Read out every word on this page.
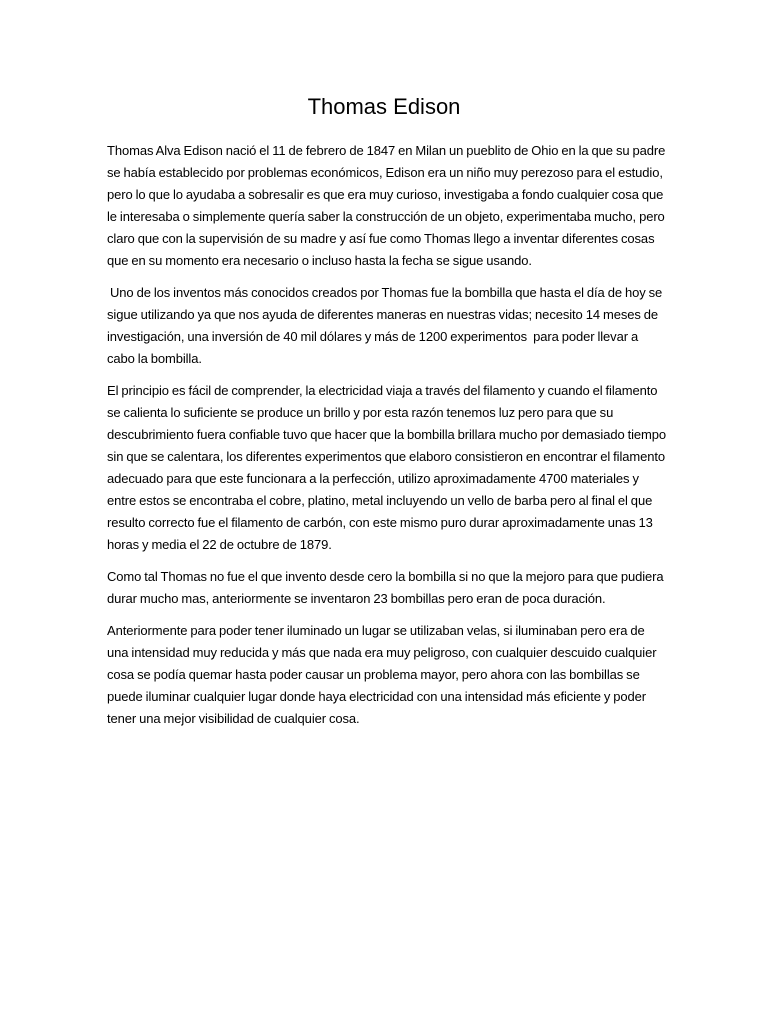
Thomas Edison

Thomas Alva Edison nació el 11 de febrero de 1847 en Milan un pueblito de Ohio en la que su padre se había establecido por problemas económicos, Edison era un niño muy perezoso para el estudio, pero lo que lo ayudaba a sobresalir es que era muy curioso, investigaba a fondo cualquier cosa que le interesaba o simplemente quería saber la construcción de un objeto, experimentaba mucho, pero claro que con la supervisión de su madre y así fue como Thomas llego a inventar diferentes cosas que en su momento era necesario o incluso hasta la fecha se sigue usando.

Uno de los inventos más conocidos creados por Thomas fue la bombilla que hasta el día de hoy se sigue utilizando ya que nos ayuda de diferentes maneras en nuestras vidas; necesito 14 meses de investigación, una inversión de 40 mil dólares y más de 1200 experimentos  para poder llevar a cabo la bombilla.

El principio es fácil de comprender, la electricidad viaja a través del filamento y cuando el filamento se calienta lo suficiente se produce un brillo y por esta razón tenemos luz pero para que su descubrimiento fuera confiable tuvo que hacer que la bombilla brillara mucho por demasiado tiempo sin que se calentara, los diferentes experimentos que elaboro consistieron en encontrar el filamento adecuado para que este funcionara a la perfección, utilizo aproximadamente 4700 materiales y entre estos se encontraba el cobre, platino, metal incluyendo un vello de barba pero al final el que resulto correcto fue el filamento de carbón, con este mismo puro durar aproximadamente unas 13 horas y media el 22 de octubre de 1879.

Como tal Thomas no fue el que invento desde cero la bombilla si no que la mejoro para que pudiera durar mucho mas, anteriormente se inventaron 23 bombillas pero eran de poca duración.

Anteriormente para poder tener iluminado un lugar se utilizaban velas, si iluminaban pero era de una intensidad muy reducida y más que nada era muy peligroso, con cualquier descuido cualquier cosa se podía quemar hasta poder causar un problema mayor, pero ahora con las bombillas se puede iluminar cualquier lugar donde haya electricidad con una intensidad más eficiente y poder tener una mejor visibilidad de cualquier cosa.
